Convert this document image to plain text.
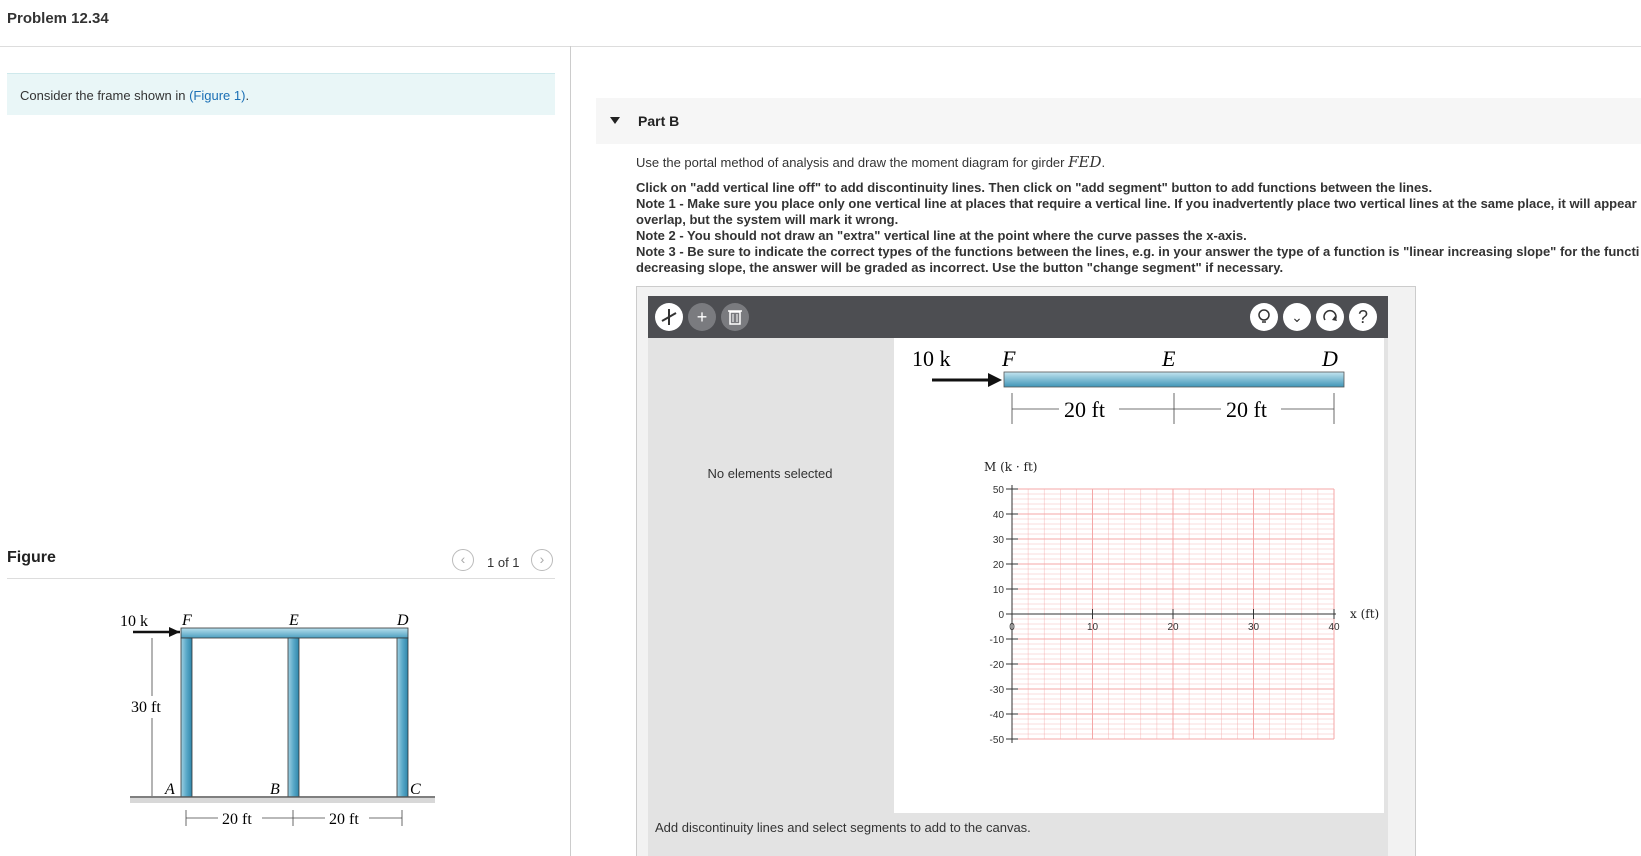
Problem 12.34
Consider the frame shown in (Figure 1).
Figure	‹	1 of 1	›
10 k F	E	D
A	B	C
30 ft
20 ft	20 ft
Part B
Use the portal method of analysis and draw the moment diagram for girder FED.
Click on "add vertical line off" to add discontinuity lines. Then click on "add segment" button to add functions between the lines.
Note 1 - Make sure you place only one vertical line at places that require a vertical line. If you inadvertently place two vertical lines at the same place, it will appear
overlap, but the system will mark it wrong.
Note 2 - You should not draw an "extra" vertical line at the point where the curve passes the x-axis.
Note 3 - Be sure to indicate the correct types of the functions between the lines, e.g. in your answer the type of a function is "linear increasing slope" for the functi
decreasing slope, the answer will be graded as incorrect. Use the button "change segment" if necessary.
+	⌄	?
No elements selected
10 k F	E	D
20 ft	20 ft
50
40
30
20
10
0
-10
-20
-30
-40
-50
0	10	20	30	40
M (k · ft)
x (ft)
Add discontinuity lines and select segments to add to the canvas.
